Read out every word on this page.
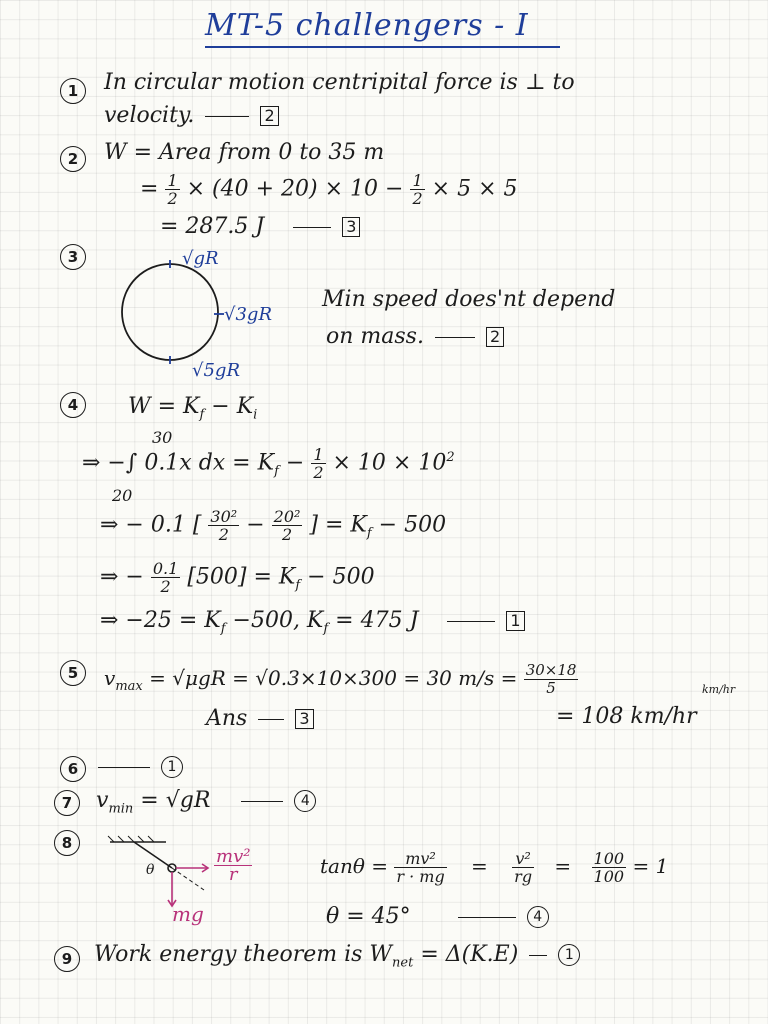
MT-5 challengers - I
1	In circular motion centripital force is ⊥ to
velocity.	2
2	W = Area from 0 to 35 m
= $\frac{1}{2} \times (40 + 20) \times 10 - \frac{1}{2} \times 5 \times 5$
= 287.5 J	3
3	√gR
√3gR
√5gR
Min speed does'nt depend
on mass.	2
4	$W = K_f - K_i$
30
⇒ −∫ 0.1x dx = $K_f - \frac{1}{2} \times 10 \times 10^2$
20
⇒ − 0.1 [ $\frac{\text{30²}}{2} - \frac{\text{20²}}{2}$ ] = $K_f - 500$
⇒ − $\frac{0.1}{2} [500] = K_f - 500$
⇒ $-25 = K_f -500$, $K_f = 475$ J	1
5	$v_{max} = √\mu gR = √0.3\times 10\times 300 = 30$ $m/s = \frac{30\times 18}{5}$	km/hr
Ans	3	= 108 km/hr
6	1
7	$v_{min} = √gR$	4
8
θ	$\frac{\text{mv²}}{r}$
mg
$\tan\theta = \frac{\text{mv²}}{r \cdot mg} = \frac{\text{v²}}{rg} = \frac{100}{100} = 1$
θ = 45°	4
9 Work energy theorem is $W_{net} = \Delta(K.E)$	1
